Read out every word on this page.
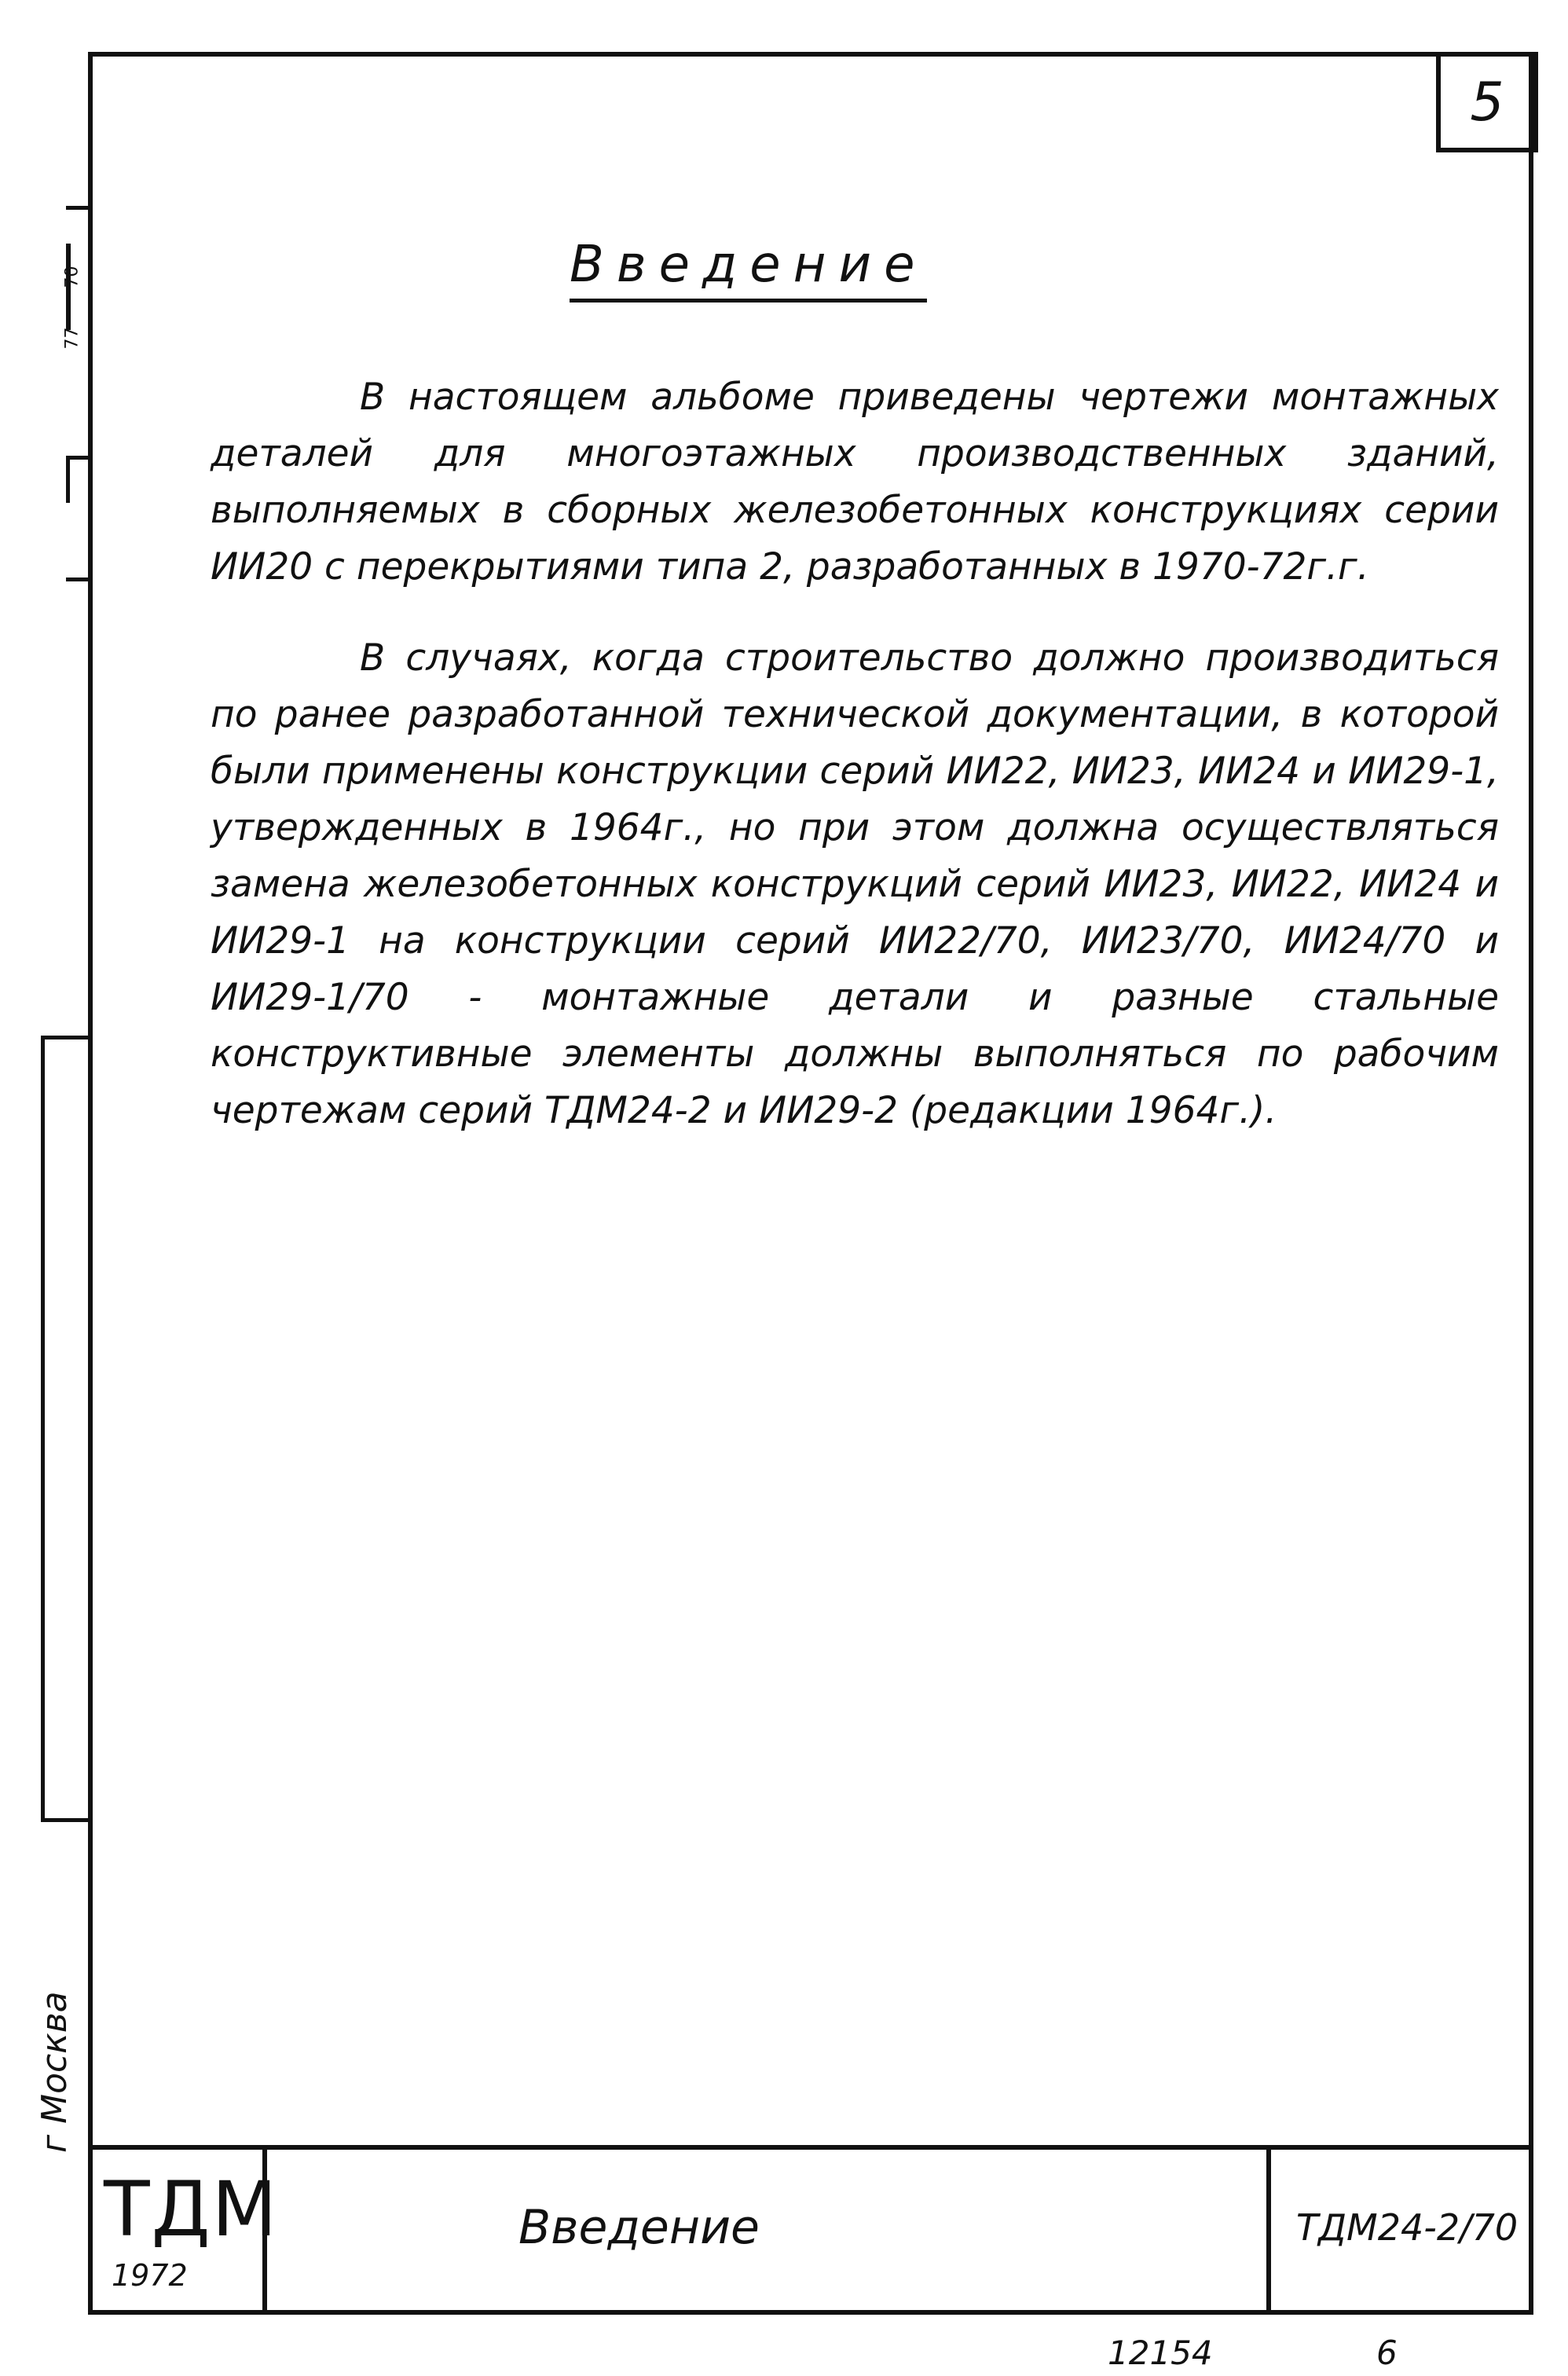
70
77
г Москва
5
Введение

В настоящем альбоме приведены чертежи монтажных деталей для многоэтажных производственных зданий, выполняемых в сборных железобетонных конструкциях серии ИИ20 с перекрытиями типа 2, разработанных в 1970-72г.г.

В случаях, когда строительство должно производиться по ранее разработанной технической документации, в которой были применены конструкции серий ИИ22, ИИ23, ИИ24 и ИИ29-1, утвержденных в 1964г., но при этом должна осуществляться замена железобетонных конструкций серий ИИ23, ИИ22, ИИ24 и ИИ29-1 на конструкции серий ИИ22/70, ИИ23/70, ИИ24/70 и ИИ29-1/70 - монтажные детали и разные стальные конструктивные элементы должны выполняться по рабочим чертежам серий ТДМ24-2 и ИИ29-2 (редакции 1964г.).

ТДМ
1972
Введение	ТДМ24-2/70
12154	6
